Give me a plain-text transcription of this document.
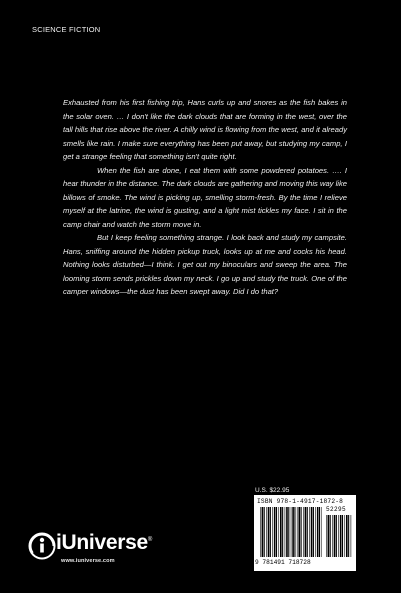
SCIENCE FICTION

Exhausted from his first fishing trip, Hans curls up and snores as the fish bakes in the solar oven. … I don't like the dark clouds that are forming in the west, over the tall hills that rise above the river. A chilly wind is flowing from the west, and it already smells like rain. I make sure everything has been put away, but studying my camp, I get a strange feeling that something isn't quite right.

When the fish are done, I eat them with some powdered potatoes. …. I hear thunder in the distance. The dark clouds are gathering and moving this way like billows of smoke. The wind is picking up, smelling storm-fresh. By the time I relieve myself at the latrine, the wind is gusting, and a light mist tickles my face. I sit in the camp chair and watch the storm move in.

But I keep feeling something strange. I look back and study my campsite. Hans, sniffing around the hidden pickup truck, looks up at me and cocks his head. Nothing looks disturbed—I think. I get out my binoculars and sweep the area. The looming storm sends prickles down my neck. I go up and study the truck. One of the camper windows—the dust has been swept away. Did I do that?

U.S. $22.95
ISBN 978-1-4917-1872-8
52295
9 781491 718728
iUniverse®
www.iuniverse.com
